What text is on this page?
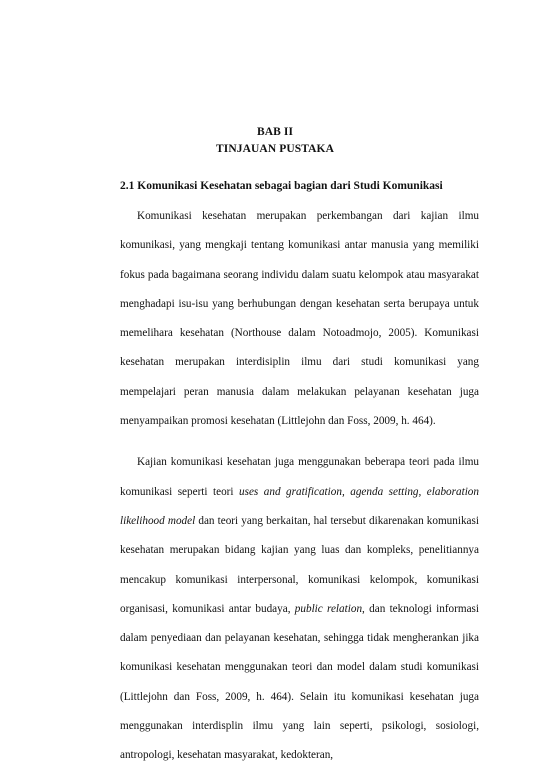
BAB II
TINJAUAN PUSTAKA
2.1 Komunikasi Kesehatan sebagai bagian dari Studi Komunikasi

Komunikasi kesehatan merupakan perkembangan dari kajian ilmu komunikasi, yang mengkaji tentang komunikasi antar manusia yang memiliki fokus pada bagaimana seorang individu dalam suatu kelompok atau masyarakat menghadapi isu-isu yang berhubungan dengan kesehatan serta berupaya untuk memelihara kesehatan (Northouse dalam Notoadmojo, 2005). Komunikasi kesehatan merupakan interdisiplin ilmu dari studi komunikasi yang mempelajari peran manusia dalam melakukan pelayanan kesehatan juga menyampaikan promosi kesehatan (Littlejohn dan Foss, 2009, h. 464).

Kajian komunikasi kesehatan juga menggunakan beberapa teori pada ilmu komunikasi seperti teori uses and gratification, agenda setting, elaboration likelihood model dan teori yang berkaitan, hal tersebut dikarenakan komunikasi kesehatan merupakan bidang kajian yang luas dan kompleks, penelitiannya mencakup komunikasi interpersonal, komunikasi kelompok, komunikasi organisasi, komunikasi antar budaya, public relation, dan teknologi informasi dalam penyediaan dan pelayanan kesehatan, sehingga tidak mengherankan jika komunikasi kesehatan menggunakan teori dan model dalam studi komunikasi (Littlejohn dan Foss, 2009, h. 464). Selain itu komunikasi kesehatan juga menggunakan interdisplin ilmu yang lain seperti, psikologi, sosiologi, antropologi, kesehatan masyarakat, kedokteran,
